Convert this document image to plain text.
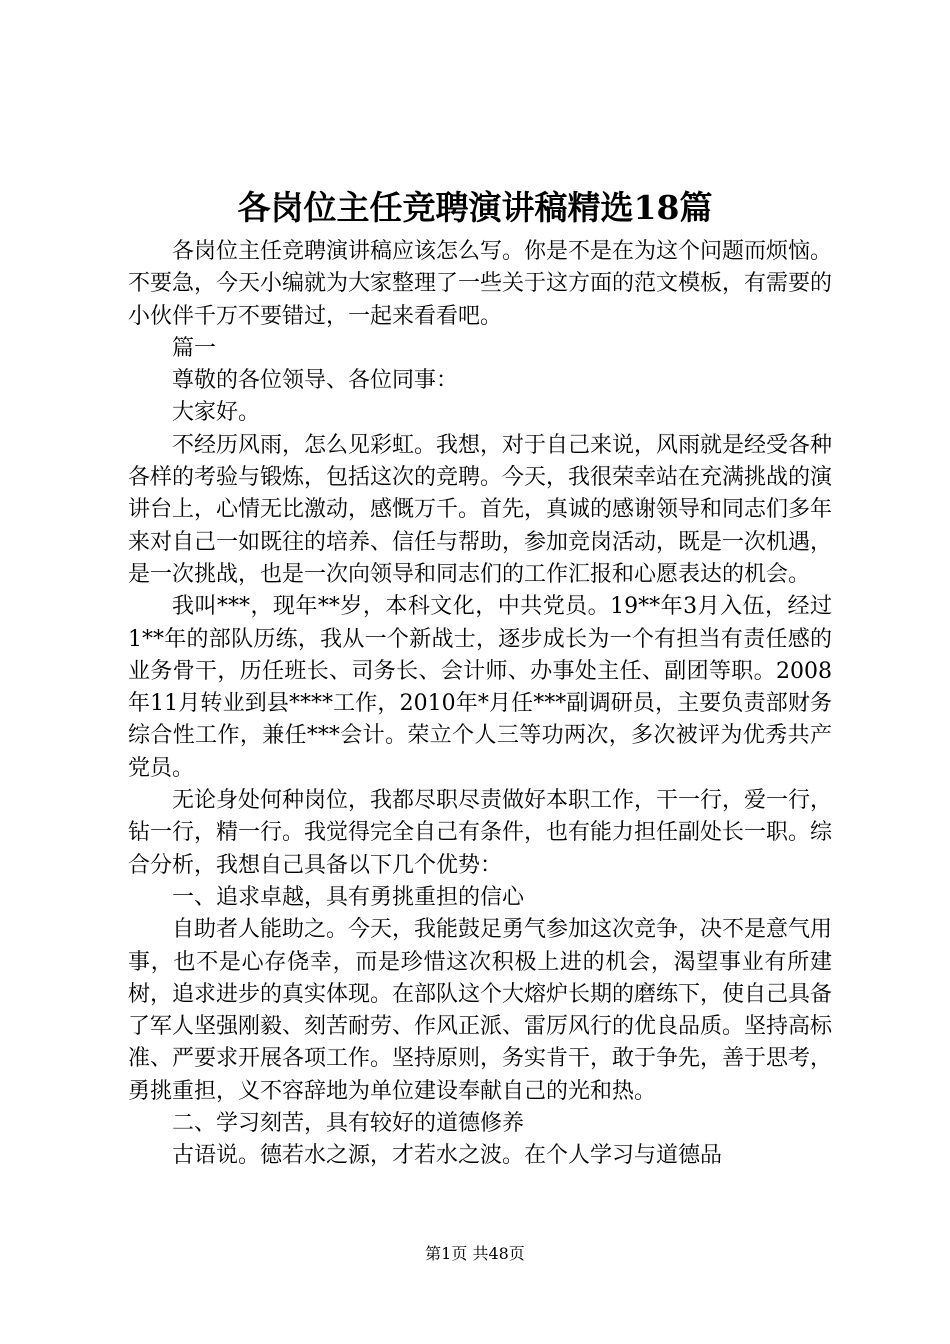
各岗位主任竞聘演讲稿精选18篇

各岗位主任竞聘演讲稿应该怎么写。你是不是在为这个问题而烦恼。不要急，今天小编就为大家整理了一些关于这方面的范文模板，有需要的小伙伴千万不要错过，一起来看看吧。

篇一

尊敬的各位领导、各位同事：

大家好。

不经历风雨，怎么见彩虹。我想，对于自己来说，风雨就是经受各种各样的考验与锻炼，包括这次的竞聘。今天，我很荣幸站在充满挑战的演讲台上，心情无比激动，感慨万千。首先，真诚的感谢领导和同志们多年来对自己一如既往的培养、信任与帮助，参加竞岗活动，既是一次机遇，是一次挑战，也是一次向领导和同志们的工作汇报和心愿表达的机会。

我叫***，现年**岁，本科文化，中共党员。19**年3月入伍，经过1**年的部队历练，我从一个新战士，逐步成长为一个有担当有责任感的业务骨干，历任班长、司务长、会计师、办事处主任、副团等职。2008年11月转业到县****工作，2010年*月任***副调研员，主要负责部财务综合性工作，兼任***会计。荣立个人三等功两次，多次被评为优秀共产党员。

无论身处何种岗位，我都尽职尽责做好本职工作，干一行，爱一行，钻一行，精一行。我觉得完全自己有条件，也有能力担任副处长一职。综合分析，我想自己具备以下几个优势：

一、追求卓越，具有勇挑重担的信心

自助者人能助之。今天，我能鼓足勇气参加这次竞争，决不是意气用事，也不是心存侥幸，而是珍惜这次积极上进的机会，渴望事业有所建树，追求进步的真实体现。在部队这个大熔炉长期的磨练下，使自己具备了军人坚强刚毅、刻苦耐劳、作风正派、雷厉风行的优良品质。坚持高标准、严要求开展各项工作。坚持原则，务实肯干，敢于争先，善于思考，勇挑重担，义不容辞地为单位建设奉献自己的光和热。

二、学习刻苦，具有较好的道德修养

古语说。德若水之源，才若水之波。在个人学习与道德品

第1页 共48页
